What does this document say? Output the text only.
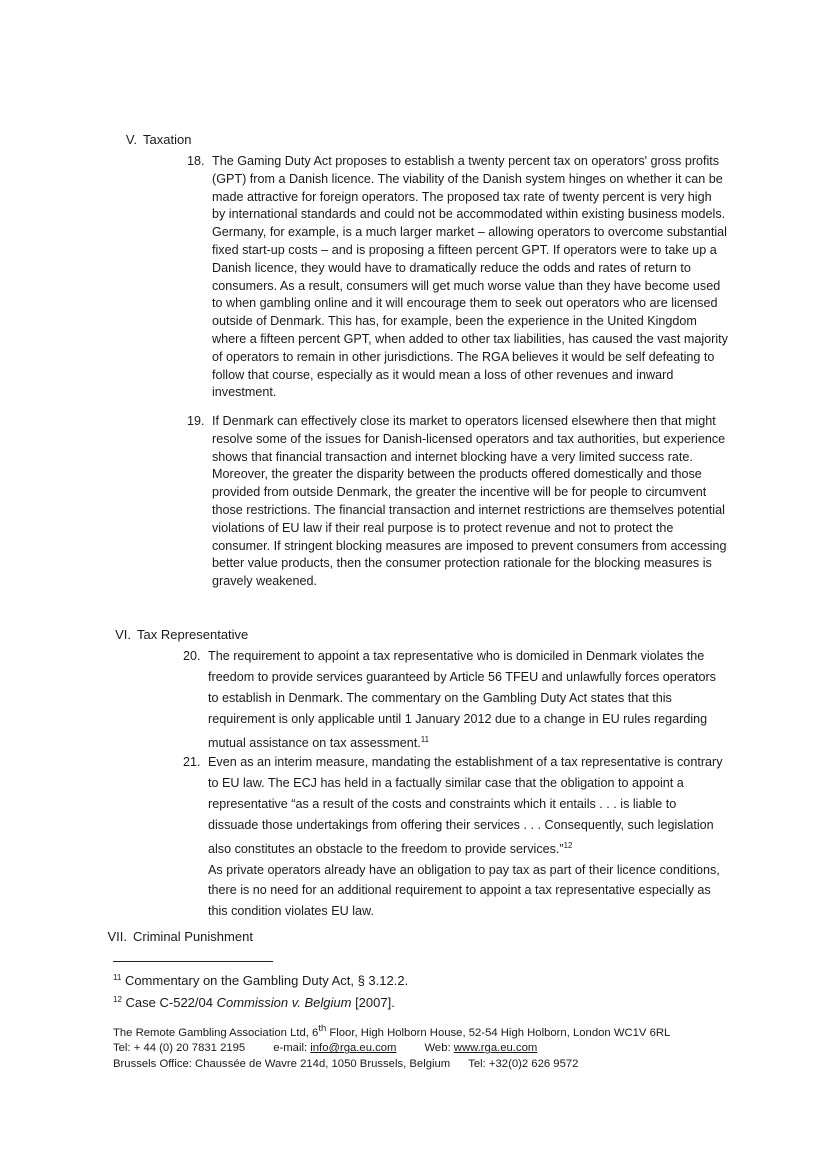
V. Taxation
18. The Gaming Duty Act proposes to establish a twenty percent tax on operators' gross profits (GPT) from a Danish licence. The viability of the Danish system hinges on whether it can be made attractive for foreign operators. The proposed tax rate of twenty percent is very high by international standards and could not be accommodated within existing business models. Germany, for example, is a much larger market – allowing operators to overcome substantial fixed start-up costs – and is proposing a fifteen percent GPT. If operators were to take up a Danish licence, they would have to dramatically reduce the odds and rates of return to consumers. As a result, consumers will get much worse value than they have become used to when gambling online and it will encourage them to seek out operators who are licensed outside of Denmark. This has, for example, been the experience in the United Kingdom where a fifteen percent GPT, when added to other tax liabilities, has caused the vast majority of operators to remain in other jurisdictions. The RGA believes it would be self defeating to follow that course, especially as it would mean a loss of other revenues and inward investment.

19. If Denmark can effectively close its market to operators licensed elsewhere then that might resolve some of the issues for Danish-licensed operators and tax authorities, but experience shows that financial transaction and internet blocking have a very limited success rate. Moreover, the greater the disparity between the products offered domestically and those provided from outside Denmark, the greater the incentive will be for people to circumvent those restrictions. The financial transaction and internet restrictions are themselves potential violations of EU law if their real purpose is to protect revenue and not to protect the consumer. If stringent blocking measures are imposed to prevent consumers from accessing better value products, then the consumer protection rationale for the blocking measures is gravely weakened.

VI. Tax Representative
20. The requirement to appoint a tax representative who is domiciled in Denmark violates the freedom to provide services guaranteed by Article 56 TFEU and unlawfully forces operators to establish in Denmark. The commentary on the Gambling Duty Act states that this requirement is only applicable until 1 January 2012 due to a change in EU rules regarding mutual assistance on tax assessment.$^{11}$

21. Even as an interim measure, mandating the establishment of a tax representative is contrary to EU law. The ECJ has held in a factually similar case that the obligation to appoint a representative “as a result of the costs and constraints which it entails . . . is liable to dissuade those undertakings from offering their services . . . Consequently, such legislation also constitutes an obstacle to the freedom to provide services.”$^{12}$

As private operators already have an obligation to pay tax as part of their licence conditions, there is no need for an additional requirement to appoint a tax representative especially as this condition violates EU law.

VII. Criminal Punishment
$^{11}$ Commentary on the Gambling Duty Act, § 3.12.2.
$^{12}$ Case C-522/04 Commission v. Belgium [2007].
The Remote Gambling Association Ltd, 6th Floor, High Holborn House, 52-54 High Holborn, London WC1V 6RL
Tel: + 44 (0) 20 7831 2195 e-mail: info@rga.eu.com Web: www.rga.eu.com
Brussels Office: Chaussée de Wavre 214d, 1050 Brussels, Belgium Tel: +32(0)2 626 9572
